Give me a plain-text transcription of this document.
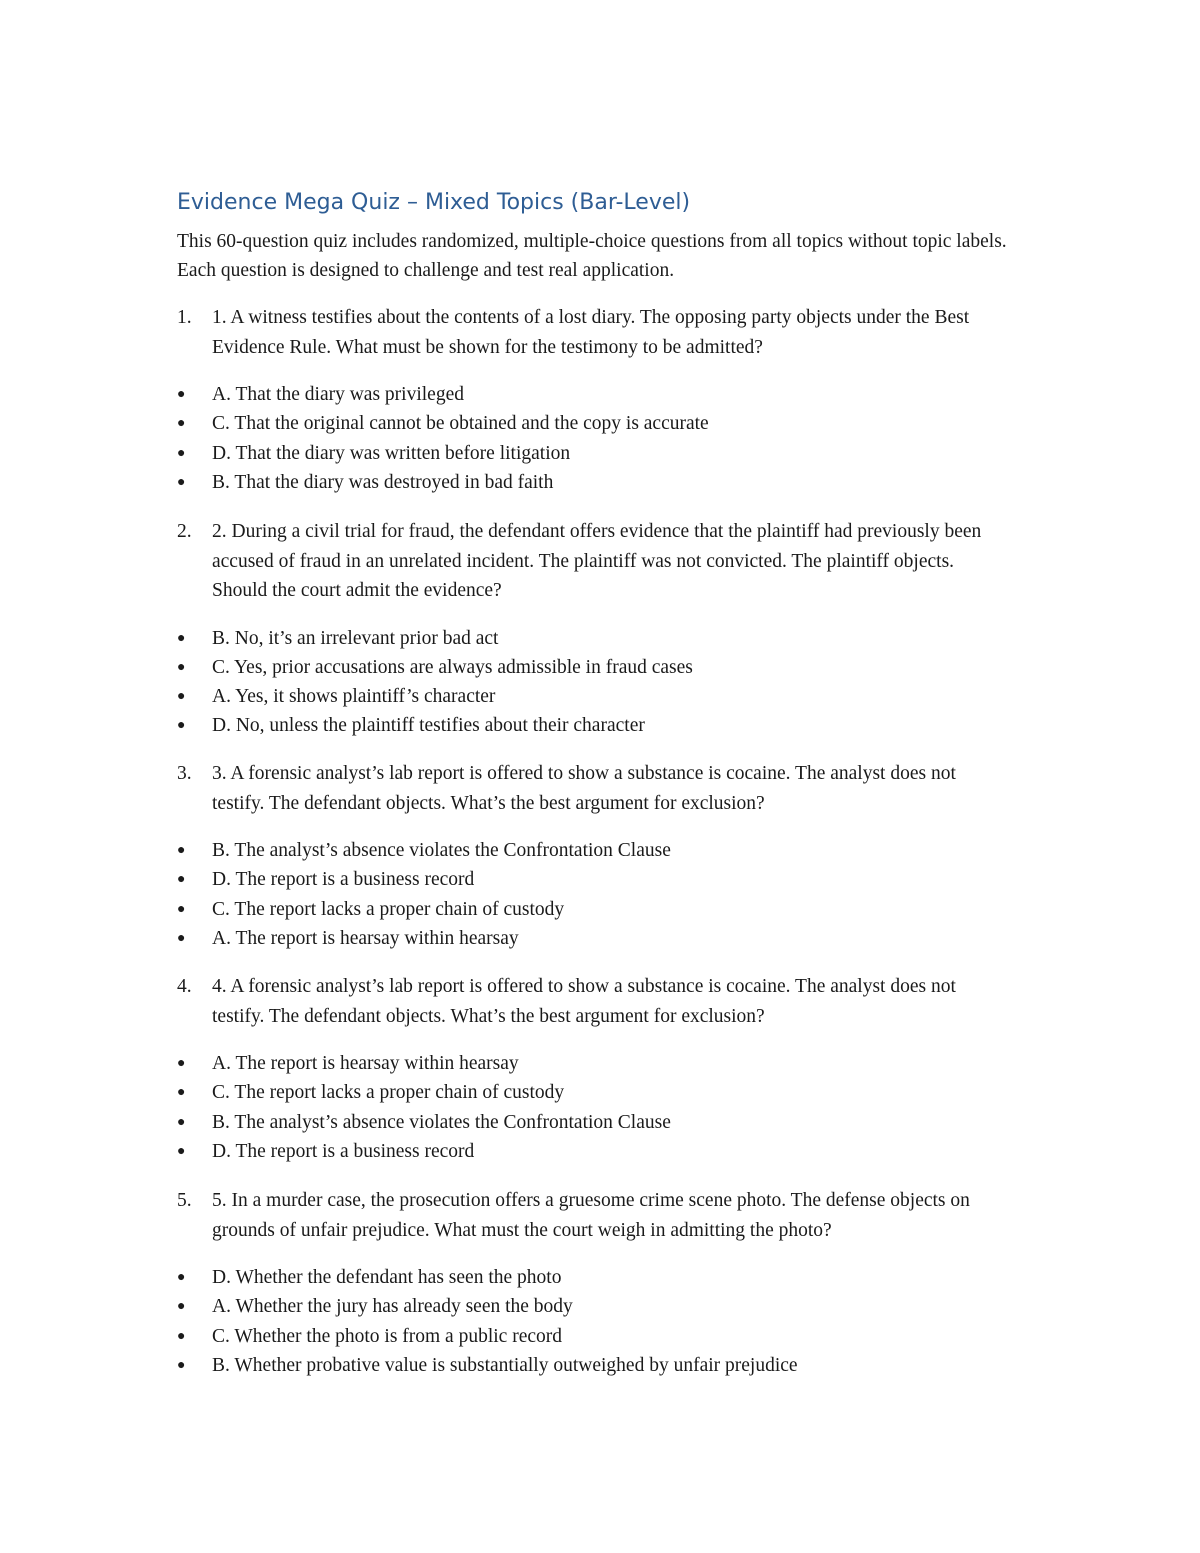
Evidence Mega Quiz – Mixed Topics (Bar-Level)

This 60-question quiz includes randomized, multiple-choice questions from all topics without topic labels. Each question is designed to challenge and test real application.

1. 1. A witness testifies about the contents of a lost diary. The opposing party objects under the Best Evidence Rule. What must be shown for the testimony to be admitted?

● A. That the diary was privileged
● C. That the original cannot be obtained and the copy is accurate
● D. That the diary was written before litigation
● B. That the diary was destroyed in bad faith
2. 2. During a civil trial for fraud, the defendant offers evidence that the plaintiff had previously been accused of fraud in an unrelated incident. The plaintiff was not convicted. The plaintiff objects. Should the court admit the evidence?

● B. No, it’s an irrelevant prior bad act
● C. Yes, prior accusations are always admissible in fraud cases
● A. Yes, it shows plaintiff’s character
● D. No, unless the plaintiff testifies about their character
3. 3. A forensic analyst’s lab report is offered to show a substance is cocaine. The analyst does not testify. The defendant objects. What’s the best argument for exclusion?

● B. The analyst’s absence violates the Confrontation Clause
● D. The report is a business record
● C. The report lacks a proper chain of custody
● A. The report is hearsay within hearsay
4. 4. A forensic analyst’s lab report is offered to show a substance is cocaine. The analyst does not testify. The defendant objects. What’s the best argument for exclusion?

● A. The report is hearsay within hearsay
● C. The report lacks a proper chain of custody
● B. The analyst’s absence violates the Confrontation Clause
● D. The report is a business record
5. 5. In a murder case, the prosecution offers a gruesome crime scene photo. The defense objects on grounds of unfair prejudice. What must the court weigh in admitting the photo?

● D. Whether the defendant has seen the photo
● A. Whether the jury has already seen the body
● C. Whether the photo is from a public record
● B. Whether probative value is substantially outweighed by unfair prejudice
